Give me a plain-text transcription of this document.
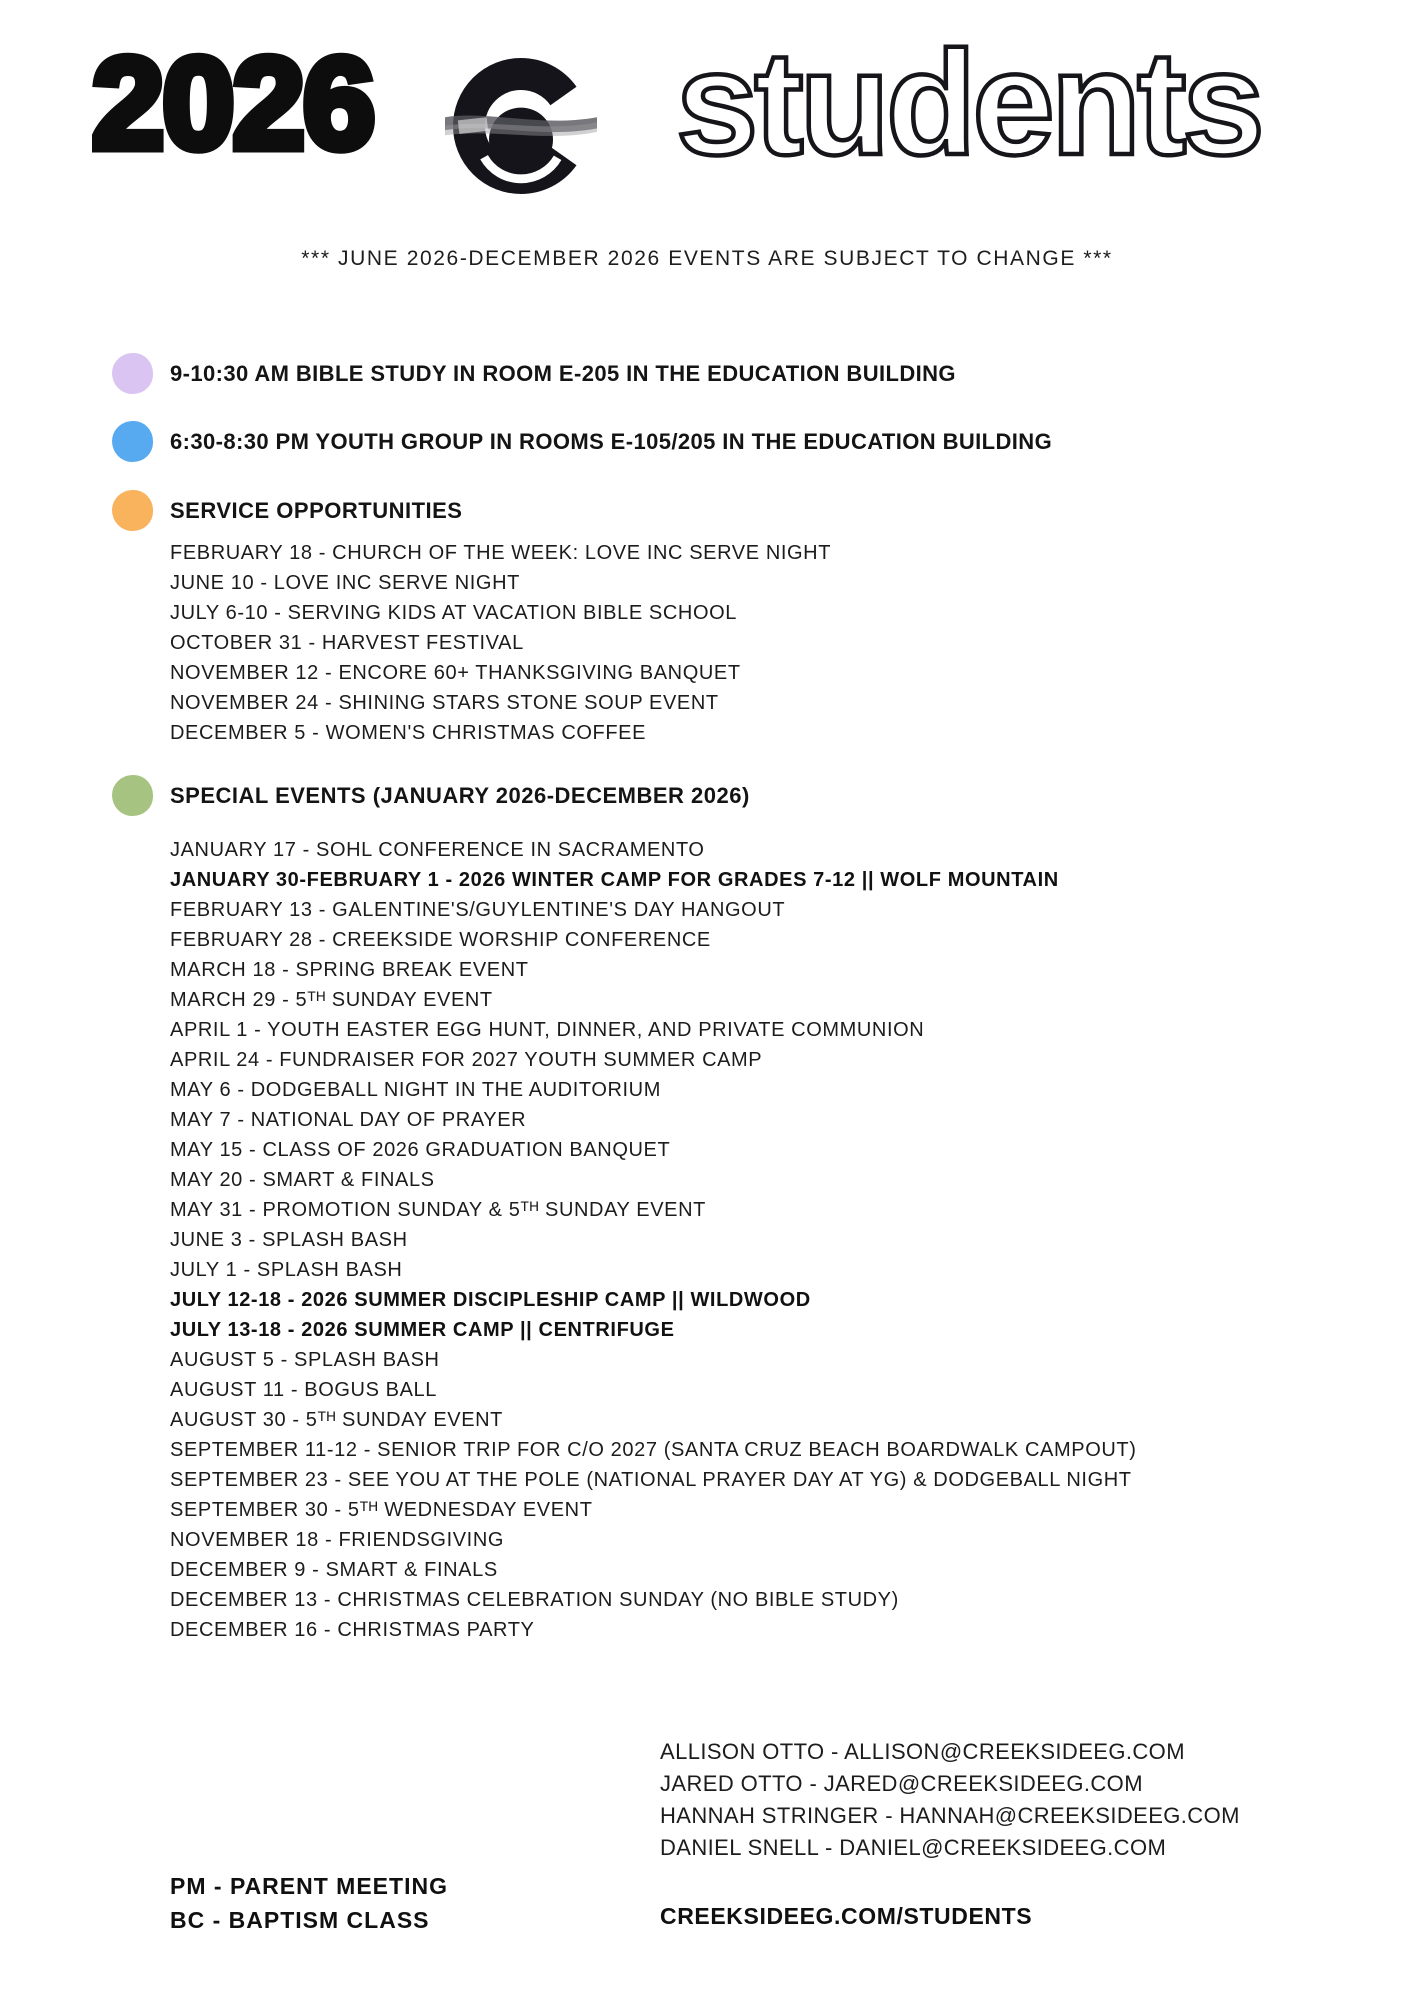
2026 students
*** JUNE 2026-DECEMBER 2026 EVENTS ARE SUBJECT TO CHANGE ***
9-10:30 AM BIBLE STUDY IN ROOM E-205 IN THE EDUCATION BUILDING
6:30-8:30 PM YOUTH GROUP IN ROOMS E-105/205 IN THE EDUCATION BUILDING
SERVICE OPPORTUNITIES
FEBRUARY 18 - CHURCH OF THE WEEK: LOVE INC SERVE NIGHT
JUNE 10 - LOVE INC SERVE NIGHT
JULY 6-10 - SERVING KIDS AT VACATION BIBLE SCHOOL
OCTOBER 31 - HARVEST FESTIVAL
NOVEMBER 12 - ENCORE 60+ THANKSGIVING BANQUET
NOVEMBER 24 - SHINING STARS STONE SOUP EVENT
DECEMBER 5 - WOMEN'S CHRISTMAS COFFEE
SPECIAL EVENTS (JANUARY 2026-DECEMBER 2026)
JANUARY 17 - SOHL CONFERENCE IN SACRAMENTO
JANUARY 30-FEBRUARY 1 - 2026 WINTER CAMP FOR GRADES 7-12 || WOLF MOUNTAIN
FEBRUARY 13 - GALENTINE'S/GUYLENTINE'S DAY HANGOUT
FEBRUARY 28 - CREEKSIDE WORSHIP CONFERENCE
MARCH 18 - SPRING BREAK EVENT
MARCH 29 - 5ᵀᴴ SUNDAY EVENT
APRIL 1 - YOUTH EASTER EGG HUNT, DINNER, AND PRIVATE COMMUNION
APRIL 24 - FUNDRAISER FOR 2027 YOUTH SUMMER CAMP
MAY 6 - DODGEBALL NIGHT IN THE AUDITORIUM
MAY 7 - NATIONAL DAY OF PRAYER
MAY 15 - CLASS OF 2026 GRADUATION BANQUET
MAY 20 - SMART & FINALS
MAY 31 - PROMOTION SUNDAY & 5ᵀᴴ SUNDAY EVENT
JUNE 3 - SPLASH BASH
JULY 1 - SPLASH BASH
JULY 12-18 - 2026 SUMMER DISCIPLESHIP CAMP || WILDWOOD
JULY 13-18 - 2026 SUMMER CAMP || CENTRIFUGE
AUGUST 5 - SPLASH BASH
AUGUST 11 - BOGUS BALL
AUGUST 30 - 5ᵀᴴ SUNDAY EVENT
SEPTEMBER 11-12 - SENIOR TRIP FOR C/O 2027 (SANTA CRUZ BEACH BOARDWALK CAMPOUT)
SEPTEMBER 23 - SEE YOU AT THE POLE (NATIONAL PRAYER DAY AT YG) & DODGEBALL NIGHT
SEPTEMBER 30 - 5ᵀᴴ WEDNESDAY EVENT
NOVEMBER 18 - FRIENDSGIVING
DECEMBER 9 - SMART & FINALS
DECEMBER 13 - CHRISTMAS CELEBRATION SUNDAY (NO BIBLE STUDY)
DECEMBER 16 - CHRISTMAS PARTY
ALLISON OTTO - ALLISON@CREEKSIDEEG.COM
JARED OTTO - JARED@CREEKSIDEEG.COM
HANNAH STRINGER - HANNAH@CREEKSIDEEG.COM
DANIEL SNELL - DANIEL@CREEKSIDEEG.COM
CREEKSIDEEG.COM/STUDENTS
PM - PARENT MEETING
BC - BAPTISM CLASS
